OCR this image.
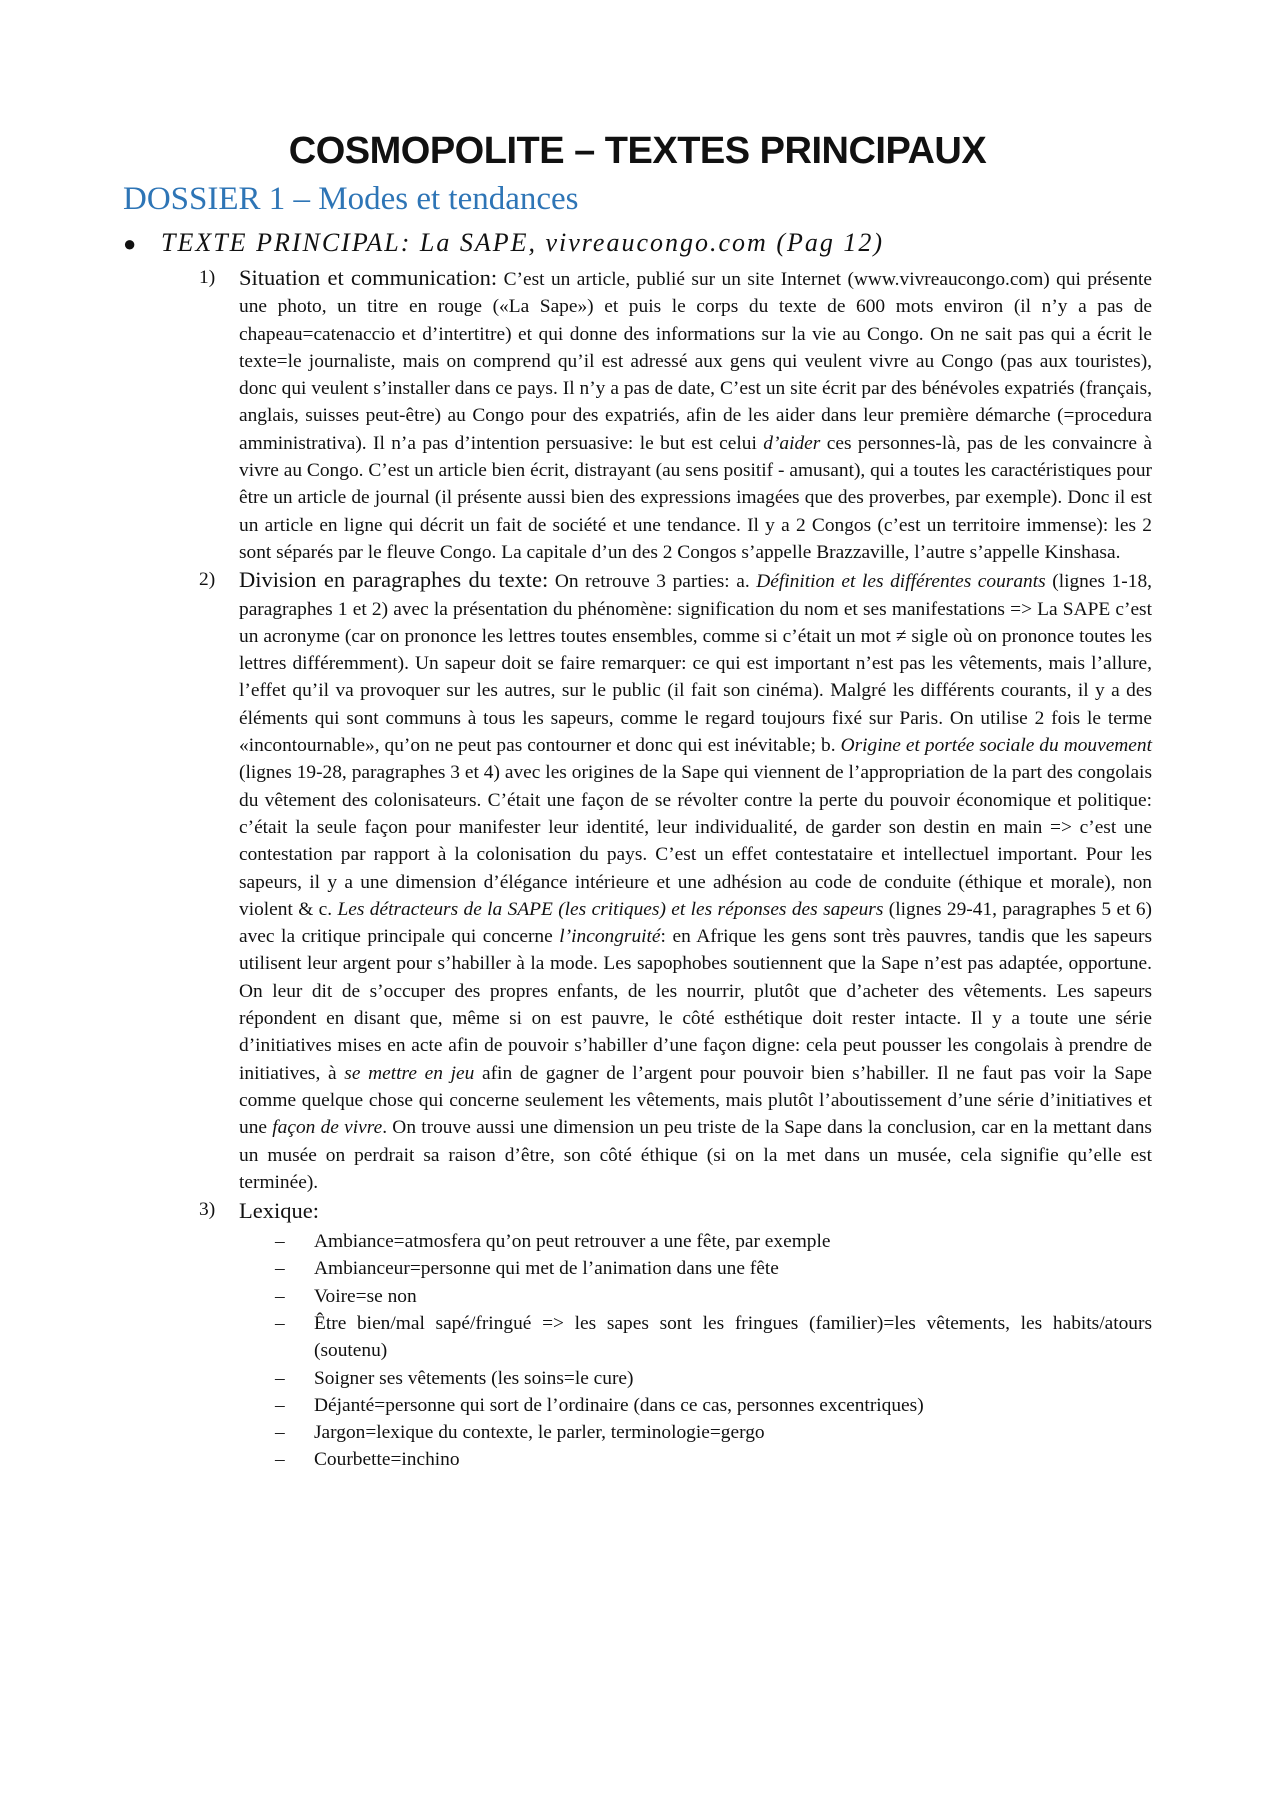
COSMOPOLITE – TEXTES PRINCIPAUX
DOSSIER 1 – Modes et tendances
● TEXTE PRINCIPAL: La SAPE, vivreaucongo.com (Pag 12)
1) Situation et communication: C’est un article, publié sur un site Internet (www.vivreaucongo.com) qui présente une photo, un titre en rouge («La Sape») et puis le corps du texte de 600 mots environ (il n’y a pas de chapeau=catenaccio et d’intertitre) et qui donne des informations sur la vie au Congo. On ne sait pas qui a écrit le texte=le journaliste, mais on comprend qu’il est adressé aux gens qui veulent vivre au Congo (pas aux touristes), donc qui veulent s’installer dans ce pays. Il n’y a pas de date, C’est un site écrit par des bénévoles expatriés (français, anglais, suisses peut-être) au Congo pour des expatriés, afin de les aider dans leur première démarche (=procedura amministrativa). Il n’a pas d’intention persuasive: le but est celui d’aider ces personnes-là, pas de les convaincre à vivre au Congo. C’est un article bien écrit, distrayant (au sens positif - amusant), qui a toutes les caractéristiques pour être un article de journal (il présente aussi bien des expressions imagées que des proverbes, par exemple). Donc il est un article en ligne qui décrit un fait de société et une tendance. Il y a 2 Congos (c’est un territoire immense): les 2 sont séparés par le fleuve Congo. La capitale d’un des 2 Congos s’appelle Brazzaville, l’autre s’appelle Kinshasa.
2) Division en paragraphes du texte: On retrouve 3 parties: a. Définition et les différentes courants (lignes 1-18, paragraphes 1 et 2) avec la présentation du phénomène: signification du nom et ses manifestations => La SAPE c’est un acronyme (car on prononce les lettres toutes ensembles, comme si c’était un mot ≠ sigle où on prononce toutes les lettres différemment). Un sapeur doit se faire remarquer: ce qui est important n’est pas les vêtements, mais l’allure, l’effet qu’il va provoquer sur les autres, sur le public (il fait son cinéma). Malgré les différents courants, il y a des éléments qui sont communs à tous les sapeurs, comme le regard toujours fixé sur Paris. On utilise 2 fois le terme «incontournable», qu’on ne peut pas contourner et donc qui est inévitable; b. Origine et portée sociale du mouvement (lignes 19-28, paragraphes 3 et 4) avec les origines de la Sape qui viennent de l’appropriation de la part des congolais du vêtement des colonisateurs. C’était une façon de se révolter contre la perte du pouvoir économique et politique: c’était la seule façon pour manifester leur identité, leur individualité, de garder son destin en main => c’est une contestation par rapport à la colonisation du pays. C’est un effet contestataire et intellectuel important. Pour les sapeurs, il y a une dimension d’élégance intérieure et une adhésion au code de conduite (éthique et morale), non violent & c. Les détracteurs de la SAPE (les critiques) et les réponses des sapeurs (lignes 29-41, paragraphes 5 et 6) avec la critique principale qui concerne l’incongruité: en Afrique les gens sont très pauvres, tandis que les sapeurs utilisent leur argent pour s’habiller à la mode. Les sapophobes soutiennent que la Sape n’est pas adaptée, opportune. On leur dit de s’occuper des propres enfants, de les nourrir, plutôt que d’acheter des vêtements. Les sapeurs répondent en disant que, même si on est pauvre, le côté esthétique doit rester intacte. Il y a toute une série d’initiatives mises en acte afin de pouvoir s’habiller d’une façon digne: cela peut pousser les congolais à prendre de initiatives, à se mettre en jeu afin de gagner de l’argent pour pouvoir bien s’habiller. Il ne faut pas voir la Sape comme quelque chose qui concerne seulement les vêtements, mais plutôt l’aboutissement d’une série d’initiatives et une façon de vivre. On trouve aussi une dimension un peu triste de la Sape dans la conclusion, car en la mettant dans un musée on perdrait sa raison d’être, son côté éthique (si on la met dans un musée, cela signifie qu’elle est terminée).
3) Lexique:
– Ambiance=atmosfera qu’on peut retrouver a une fête, par exemple
– Ambianceur=personne qui met de l’animation dans une fête
– Voire=se non
– Être bien/mal sapé/fringué => les sapes sont les fringues (familier)=les vêtements, les habits/atours (soutenu)
– Soigner ses vêtements (les soins=le cure)
– Déjanté=personne qui sort de l’ordinaire (dans ce cas, personnes excentriques)
– Jargon=lexique du contexte, le parler, terminologie=gergo
– Courbette=inchino
